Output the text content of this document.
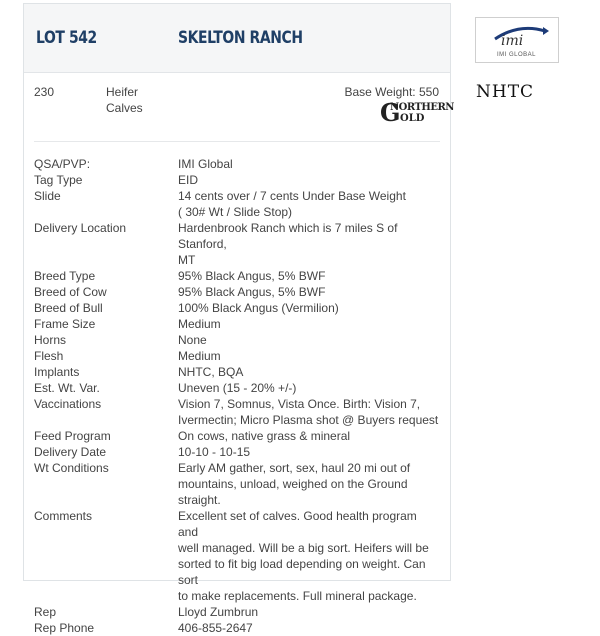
LOT 542	SKELTON RANCH
230	Heifer
Calves
Base Weight: 550
G
NORTHERN
OLD
QSA/PVP:	IMI Global
Tag Type	EID
Slide	14 cents over / 7 cents Under Base Weight
( 30# Wt / Slide Stop)
Delivery Location	Hardenbrook Ranch which is 7 miles S of Stanford,
MT
Breed Type	95% Black Angus, 5% BWF
Breed of Cow	95% Black Angus, 5% BWF
Breed of Bull	100% Black Angus (Vermilion)
Frame Size	Medium
Horns	None
Flesh	Medium
Implants	NHTC, BQA
Est. Wt. Var.	Uneven (15 - 20% +/-)
Vaccinations	Vision 7, Somnus, Vista Once. Birth: Vision 7,
Ivermectin; Micro Plasma shot @ Buyers request
Feed Program	On cows, native grass & mineral
Delivery Date	10-10 - 10-15
Wt Conditions	Early AM gather, sort, sex, haul 20 mi out of
mountains, unload, weighed on the Ground straight.
Comments	Excellent set of calves. Good health program and
well managed. Will be a big sort. Heifers will be
sorted to fit big load depending on weight. Can sort
to make replacements. Full mineral package.
Rep	Lloyd Zumbrun
Rep Phone	406-855-2647
imi
IMI GLOBAL
NHTC
